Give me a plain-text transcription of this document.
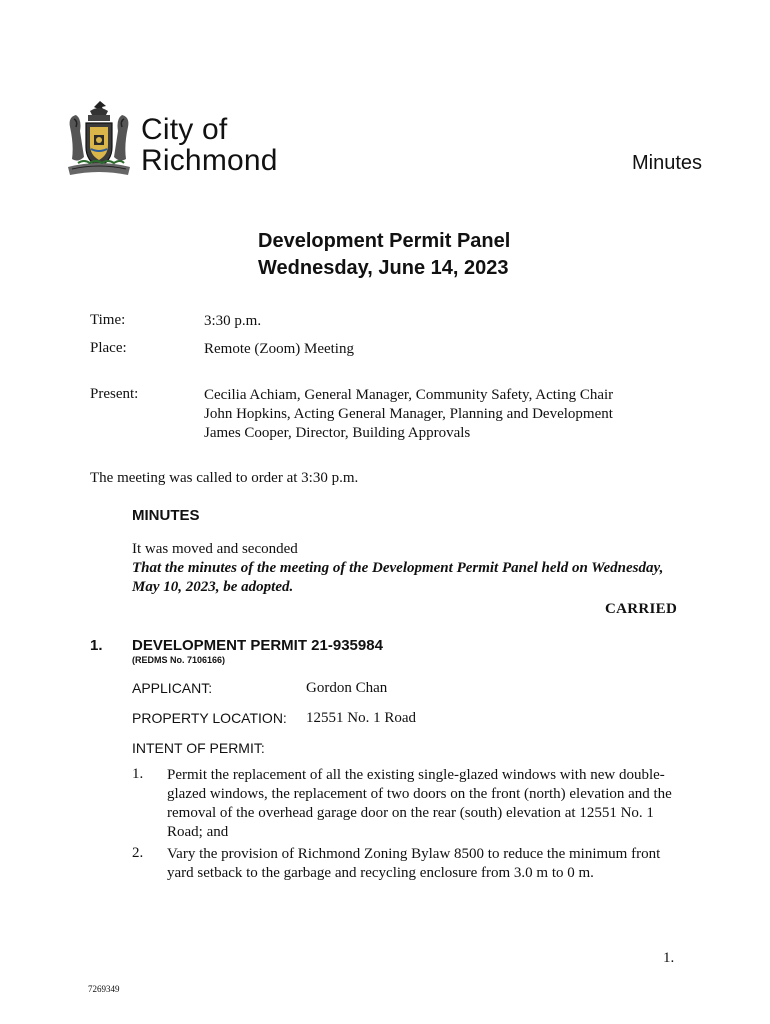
City of
Richmond	Minutes
Development Permit Panel
Wednesday, June 14, 2023
Time:	3:30 p.m.
Place:	Remote (Zoom) Meeting
Present:	Cecilia Achiam, General Manager, Community Safety, Acting Chair
John Hopkins, Acting General Manager, Planning and Development
James Cooper, Director, Building Approvals
The meeting was called to order at 3:30 p.m.
MINUTES
It was moved and seconded
That the minutes of the meeting of the Development Permit Panel held on Wednesday,
May 10, 2023, be adopted.
CARRIED
1. DEVELOPMENT PERMIT 21-935984
(REDMS No. 7106166)
APPLICANT:	Gordon Chan
PROPERTY LOCATION: 12551 No. 1 Road
INTENT OF PERMIT:
1. Permit the replacement of all the existing single-glazed windows with new double-
glazed windows, the replacement of two doors on the front (north) elevation and the
removal of the overhead garage door on the rear (south) elevation at 12551 No. 1
Road; and
2. Vary the provision of Richmond Zoning Bylaw 8500 to reduce the minimum front
yard setback to the garbage and recycling enclosure from 3.0 m to 0 m.
1.
7269349
